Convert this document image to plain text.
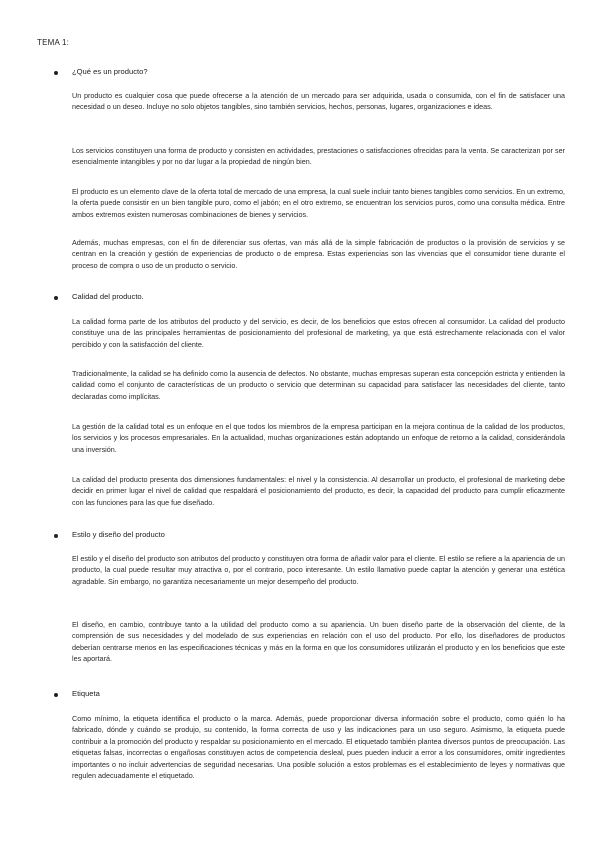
TEMA 1:
¿Qué es un producto?

Un producto es cualquier cosa que puede ofrecerse a la atención de un mercado para ser adquirida, usada o consumida, con el fin de satisfacer una necesidad o un deseo. Incluye no solo objetos tangibles, sino también servicios, hechos, personas, lugares, organizaciones e ideas.

Los servicios constituyen una forma de producto y consisten en actividades, prestaciones o satisfacciones ofrecidas para la venta. Se caracterizan por ser esencialmente intangibles y por no dar lugar a la propiedad de ningún bien.

El producto es un elemento clave de la oferta total de mercado de una empresa, la cual suele incluir tanto bienes tangibles como servicios. En un extremo, la oferta puede consistir en un bien tangible puro, como el jabón; en el otro extremo, se encuentran los servicios puros, como una consulta médica. Entre ambos extremos existen numerosas combinaciones de bienes y servicios.

Además, muchas empresas, con el fin de diferenciar sus ofertas, van más allá de la simple fabricación de productos o la provisión de servicios y se centran en la creación y gestión de experiencias de producto o de empresa. Estas experiencias son las vivencias que el consumidor tiene durante el proceso de compra o uso de un producto o servicio.

Calidad del producto.

La calidad forma parte de los atributos del producto y del servicio, es decir, de los beneficios que estos ofrecen al consumidor. La calidad del producto constituye una de las principales herramientas de posicionamiento del profesional de marketing, ya que está estrechamente relacionada con el valor percibido y con la satisfacción del cliente.

Tradicionalmente, la calidad se ha definido como la ausencia de defectos. No obstante, muchas empresas superan esta concepción estricta y entienden la calidad como el conjunto de características de un producto o servicio que determinan su capacidad para satisfacer las necesidades del cliente, tanto declaradas como implícitas.

La gestión de la calidad total es un enfoque en el que todos los miembros de la empresa participan en la mejora continua de la calidad de los productos, los servicios y los procesos empresariales. En la actualidad, muchas organizaciones están adoptando un enfoque de retorno a la calidad, considerándola una inversión.

La calidad del producto presenta dos dimensiones fundamentales: el nivel y la consistencia. Al desarrollar un producto, el profesional de marketing debe decidir en primer lugar el nivel de calidad que respaldará el posicionamiento del producto, es decir, la capacidad del producto para cumplir eficazmente con las funciones para las que fue diseñado.

Estilo y diseño del producto

El estilo y el diseño del producto son atributos del producto y constituyen otra forma de añadir valor para el cliente. El estilo se refiere a la apariencia de un producto, la cual puede resultar muy atractiva o, por el contrario, poco interesante. Un estilo llamativo puede captar la atención y generar una estética agradable. Sin embargo, no garantiza necesariamente un mejor desempeño del producto.

El diseño, en cambio, contribuye tanto a la utilidad del producto como a su apariencia. Un buen diseño parte de la observación del cliente, de la comprensión de sus necesidades y del modelado de sus experiencias en relación con el uso del producto. Por ello, los diseñadores de productos deberían centrarse menos en las especificaciones técnicas y más en la forma en que los consumidores utilizarán el producto y en los beneficios que este les aportará.

Etiqueta

Como mínimo, la etiqueta identifica el producto o la marca. Además, puede proporcionar diversa información sobre el producto, como quién lo ha fabricado, dónde y cuándo se produjo, su contenido, la forma correcta de uso y las indicaciones para un uso seguro. Asimismo, la etiqueta puede contribuir a la promoción del producto y respaldar su posicionamiento en el mercado. El etiquetado también plantea diversos puntos de preocupación. Las etiquetas falsas, incorrectas o engañosas constituyen actos de competencia desleal, pues pueden inducir a error a los consumidores, omitir ingredientes importantes o no incluir advertencias de seguridad necesarias. Una posible solución a estos problemas es el establecimiento de leyes y normativas que regulen adecuadamente el etiquetado.
